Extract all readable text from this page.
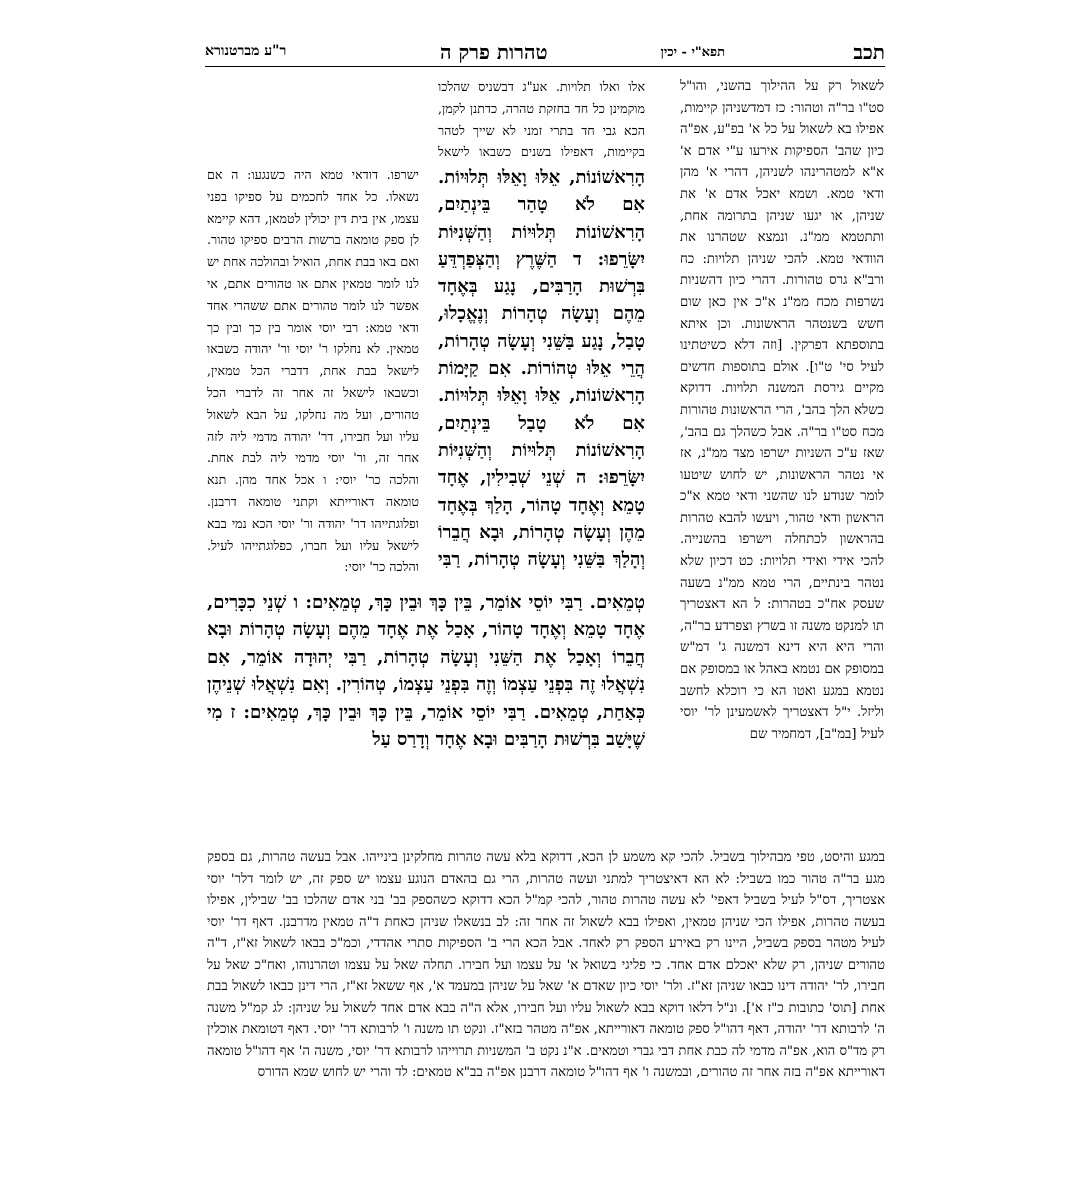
תכב
תפא"י - יכין
טהרות פרק ה
ר"ע מברטנורא
לשאול רק על ההילוך בהשני, והו"ל סט"ו בר"ה וטהור: כז דמדשניהן קיימות, אפילו בא לשאול על כל א' בפ"ע, אפ"ה כיון שהב' הספיקות אירעו ע"י אדם א' א"א למטהרינהו לשניהן, דהרי א' מהן ודאי טמא. ושמא יאכל אדם א' את שניהן, או יגעו שניהן בתרומה אחת, ותתטמא ממ"נ. ונמצא שטהרנו את הוודאי טמא. להכי שניהן תלויות: כח ורב"א גרס טהורות. דהרי כיון דהשניות נשרפות מכח ממ"נ א"כ אין כאן שום חשש בשנטהר הראשונות. וכן איתא בתוספתא דפרקין. [וזה דלא כשיטתינו לעיל סי' ט"ו]. אולם בתוספות חדשים מקיים גירסת המשנה תלויות. דדוקא כשלא הלך בהב', הרי הראשונות טהורות מכח סט"ו בר"ה. אבל כשהלך גם בהב', שאז ע"כ השניות ישרפו מצד ממ"נ, אז אי נטהר הראשונות, יש לחוש שיטעו לומר שנודע לנו שהשני ודאי טמא א"כ הראשון ודאי טהור, ויעשו להבא טהרות בהראשון לכתחלה וישרפו בהשנייה. להכי אידי ואידי תלויות: כט דכיון שלא נטהר בינתיים, הרי טמא ממ"נ בשעה שעסק אח"כ בטהרות: ל הא דאצטריך תו למנקט משנה זו בשרץ וצפרדע בר"ה, והרי היא היא דינא דמשנה ג' דמ"ש במסופק אם נטמא באהל או במסופק אם נטמא במגע ואטו הא כי רוכלא לחשב וליזל. י"ל דאצטריך לאשמעינן לר' יוסי לעיל [במ"ב], דמחמיר שם
אלו ואלו תלויות. אע"ג דבשניס שהלכו מוקמינן כל חד בחזקת טהרה, כדתנן לקמן, הכא גבי חד בתרי זמני לא שייך לטהר בקיימות, דאפילו בשנים כשבאו לישאל
ישרפו. דודאי טמא היה כשנגעו: ה אם נשאלו. כל אחד לחכמים על ספיקו בפני עצמו, אין בית דין יכולין לטמאן, דהא קיימא לן ספק טומאה ברשות הרבים ספיקו טהור. ואם באו בבת אחת, הואיל ובהולכה אחת יש לנו לומר טמאין אתם או טהורים אתם, אי אפשר לנו לומר טהורים אתם ששהרי אחד ודאי טמא: רבי יוסי אומר בין כך ובין כך טמאין. לא נחלקו ר' יוסי ור' יהודה כשבאו לישאל בבת אחת, דדברי הכל טמאין, וכשבאו לישאל זה אחר זה לדברי הכל טהורים, ועל מה נחלקו, על הבא לשאול עליו ועל חבירו, דר' יהודה מדמי ליה לזה אחר זה, ור' יוסי מדמי ליה לבת אחת. והלכה כר' יוסי: ו אכל אחד מהן. תנא טומאה דאורייתא וקתני טומאה דרבנן. ופלוגתייהו דר' יהודה ור' יוסי הכא נמי בבא לישאל עליו ועל חברו, כפלוגתייהו לעיל. והלכה כר' יוסי:
הָרִאשׁוֹנוֹת, אֵלּוּ וָאֵלּוּ תְּלוּיוֹת. אִם לֹא טָהַר בֵּינְתַיִם, הָרִאשׁוֹנוֹת תְּלוּיוֹת וְהַשְּׁנִיּוֹת יִשָּׂרֵפוּ: ד הַשֶּׁרֶץ וְהַצְּפַרְדֵּעַ בִּרְשׁוּת הָרַבִּים, נָגַע בְּאֶחָד מֵהֶם וְעָשָׂה טְהָרוֹת וְנֶאֱכָלוּ, טָבַל, נָגַע בַּשֵּׁנִי וְעָשָׂה טְהָרוֹת, הֲרֵי אֵלּוּ טְהוֹרוֹת. אִם קַיָּמוֹת הָרִאשׁוֹנוֹת, אֵלּוּ וָאֵלּוּ תְּלוּיוֹת. אִם לֹא טָבַל בֵּינְתַיִם, הָרִאשׁוֹנוֹת תְּלוּיוֹת וְהַשְּׁנִיּוֹת יִשָּׂרֵפוּ: ה שְׁנֵי שְׁבִילִין, אֶחָד טָמֵא וְאֶחָד טָהוֹר, הָלַךְ בְּאֶחָד מֵהֶן וְעָשָׂה טְהָרוֹת, וּבָא חֲבֵרוֹ וְהָלַךְ בַּשֵּׁנִי וְעָשָׂה טְהָרוֹת, רַבִּי
טְמֵאִים. רַבִּי יוֹסֵי אוֹמֵר, בֵּין כָּךְ וּבֵין כָּךְ, טְמֵאִים: ו שְׁנֵי כִכָּרִים, אֶחָד טָמֵא וְאֶחָד טָהוֹר, אָכַל אֶת אֶחָד מֵהֶם וְעָשָׂה טְהָרוֹת וּבָא חֲבֵרוֹ וְאָכַל אֶת הַשֵּׁנִי וְעָשָׂה טְהָרוֹת, רַבִּי יְהוּדָה אוֹמֵר, אִם נִשְׁאֲלוּ זֶה בִּפְנֵי עַצְמוֹ וְזֶה בִּפְנֵי עַצְמוֹ, טְהוֹרִין. וְאִם נִשְׁאֲלוּ שְׁנֵיהֶן כְּאַחַת, טְמֵאִים. רַבִּי יוֹסֵי אוֹמֵר, בֵּין כָּךְ וּבֵין כָּךְ, טְמֵאִים: ז מִי שֶׁיָּשַׁב בִּרְשׁוּת הָרַבִּים וּבָא אֶחָד וְדָרַס עַל
במגע והיסט, טפי מבהילוך בשביל. להכי קא משמע לן הכא, דדוקא בלא עשה טהרות מחלקינן בינייהו. אבל בעשה טהרות, גם בספק מגע בר"ה טהור כמו בשביל: לא הא דאיצטריך למתני ועשה טהרות, הרי גם בהאדם הנוגע עצמו יש ספק זה, יש לומר דלר' יוסי אצטריך, דס"ל לעיל בשביל דאפי' לא עשה טהרות טהור, להכי קמ"ל הכא דדוקא כשהספק בב' בני אדם שהלכו בב' שבילין, אפילו בעשה טהרות, אפילו הכי שניהן טמאין, ואפילו בבא לשאול זה אחר זה: לב בנשאלו שניהן כאחת ד"ה טמאין מדרבנן. דאף דר' יוסי לעיל מטהר בספק בשביל, היינו רק באירע הספק רק לאחד. אבל הכא הרי ב' הספיקות סתרי אהדדי, וכמ"כ בבאו לשאול זא"ז, ד"ה טהורים שניהן, רק שלא יאכלם אדם אחד. כי פליגי בשואל א' על עצמו ועל חבירו. תחלה שאל על עצמו וטהרנוהו, ואח"כ שאל על חבירו, לר' יהודה דינו כבאו שניהן זא"ז. ולר' יוסי כיון שאדם א' שאל על שניהן במעמד א', אף ששאל זא"ז, הרי דינן כבאו לשאול בבת אחת [תוס' כתובות כ"ז א']. ונ"ל דלאו דוקא בבא לשאול עליו ועל חבירו, אלא ה"ה בבא אדם אחד לשאול על שניהן: לג קמ"ל משנה ה' לרבותא דר' יהודה, דאף דהו"ל ספק טומאה דאורייתא, אפ"ה מטהר בזא"ז. ונקט תו משנה ו' לרבותא דר' יוסי. דאף דטומאת אוכלין רק מד"ס הוא, אפ"ה מדמי לה כבת אחת דבי גברי וטמאים. א"נ נקט ב' המשניות תרוייהו לרבותא דר' יוסי, משנה ה' אף דהו"ל טומאה דאורייתא אפ"ה בזה אחר זה טהורים, ובמשנה ו' אף דהו"ל טומאה דרבנן אפ"ה בב"א טמאים: לד והרי יש לחוש שמא הדורס
